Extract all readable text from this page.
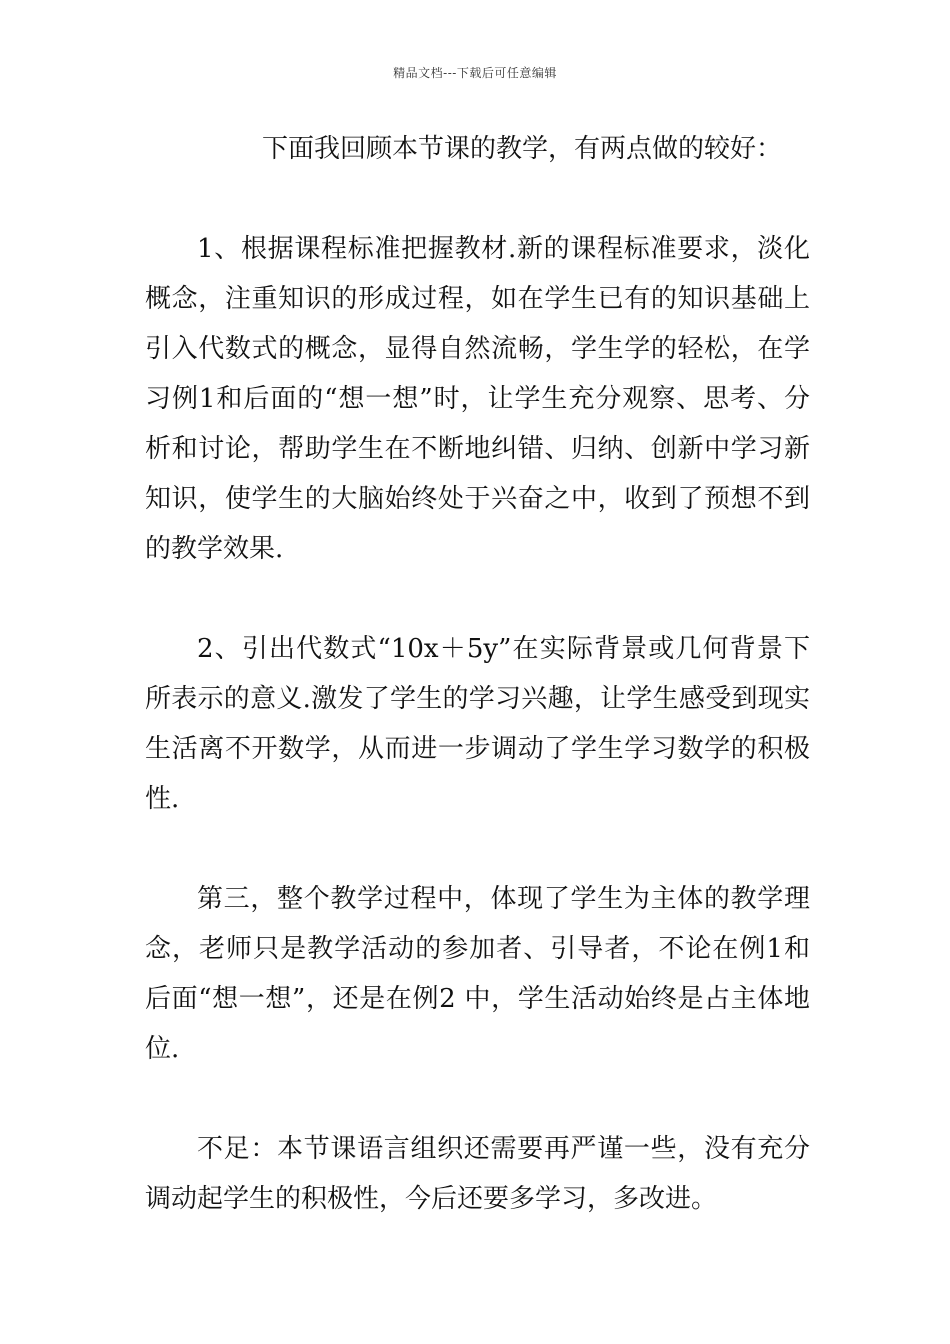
精品文档---下载后可任意编辑

下面我回顾本节课的教学，有两点做的较好：

1、根据课程标准把握教材.新的课程标准要求，淡化概念，注重知识的形成过程，如在学生已有的知识基础上引入代数式的概念，显得自然流畅，学生学的轻松，在学习例1和后面的“想一想”时，让学生充分观察、思考、分析和讨论，帮助学生在不断地纠错、归纳、创新中学习新知识，使学生的大脑始终处于兴奋之中，收到了预想不到的教学效果.

2、引出代数式“10x＋5y”在实际背景或几何背景下所表示的意义.激发了学生的学习兴趣，让学生感受到现实生活离不开数学，从而进一步调动了学生学习数学的积极性.

第三，整个教学过程中，体现了学生为主体的教学理念，老师只是教学活动的参加者、引导者，不论在例1和后面“想一想”，还是在例2 中，学生活动始终是占主体地位.

不足：本节课语言组织还需要再严谨一些，没有充分调动起学生的积极性，今后还要多学习，多改进。
